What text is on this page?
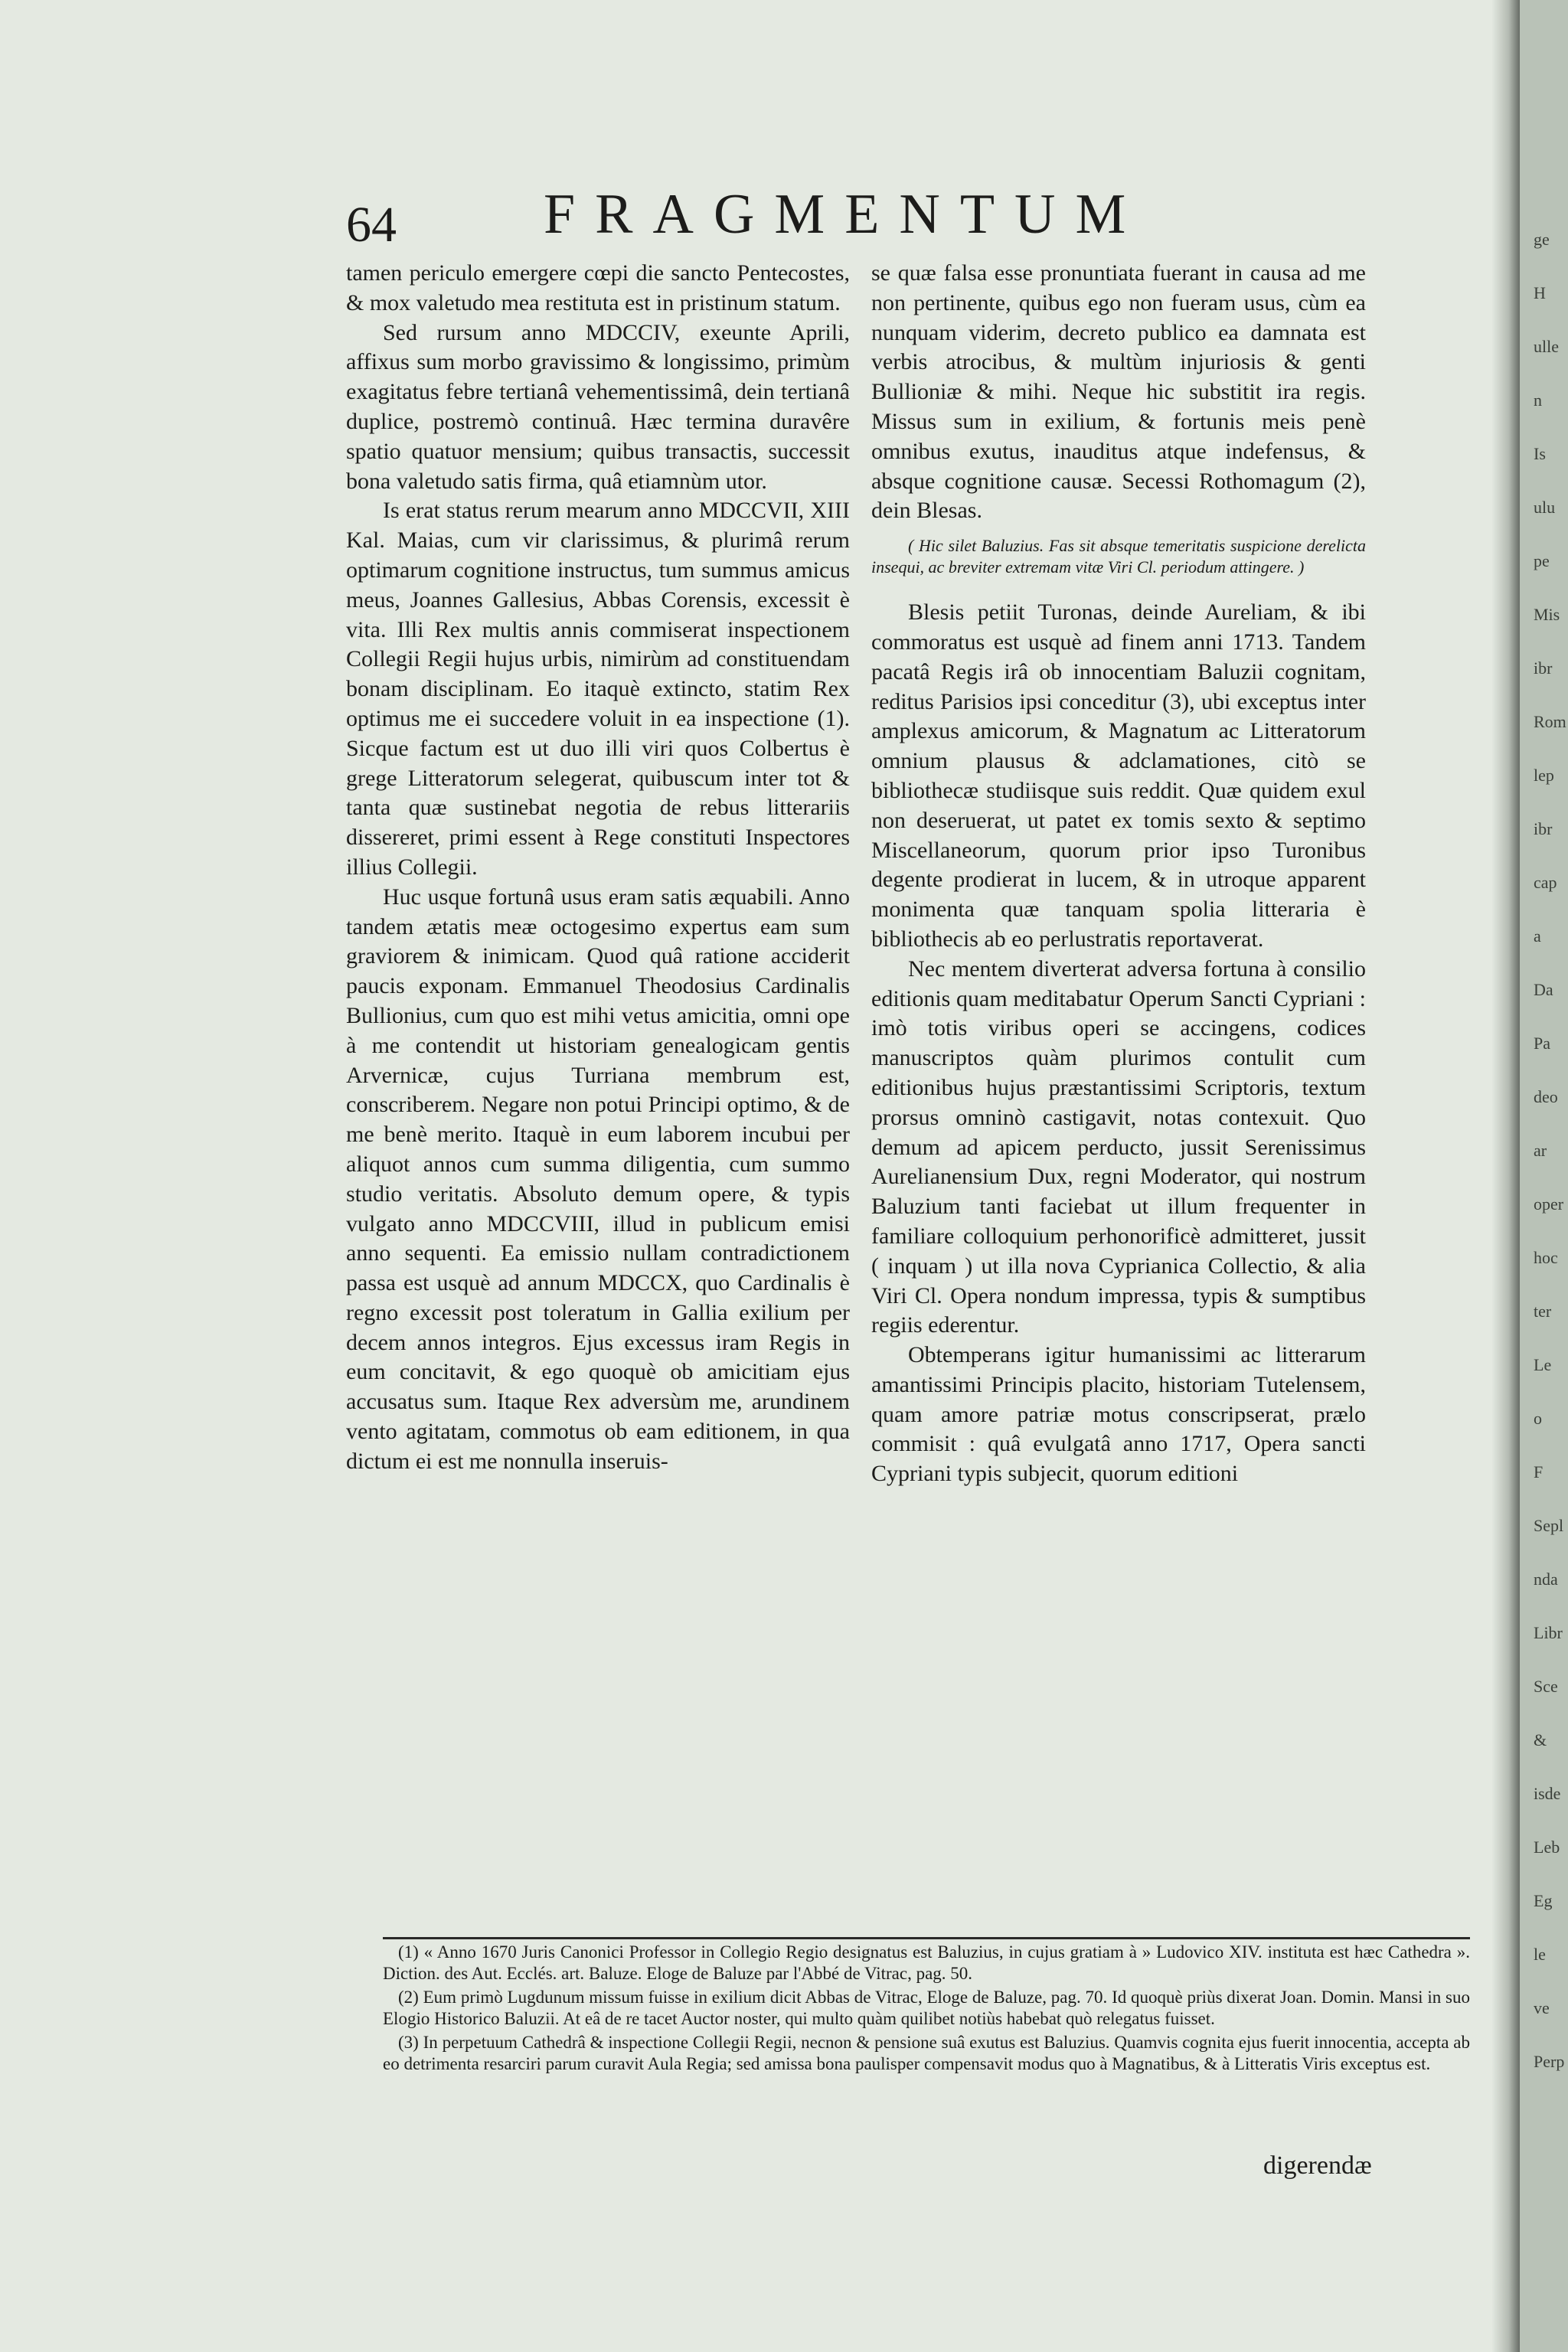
64	FRAGMENTUM

tamen periculo emergere cœpi die sancto Pentecostes, & mox valetudo mea restituta est in pristinum statum.

Sed rursum anno MDCCIV, exeunte Aprili, affixus sum morbo gravissimo & longissimo, primùm exagitatus febre tertianâ vehementissimâ, dein tertianâ duplice, postremò continuâ. Hæc termina duravêre spatio quatuor mensium; quibus transactis, successit bona valetudo satis firma, quâ etiamnùm utor.

Is erat status rerum mearum anno MDCCVII, XIII Kal. Maias, cum vir clarissimus, & plurimâ rerum optimarum cognitione instructus, tum summus amicus meus, Joannes Gallesius, Abbas Corensis, excessit è vita. Illi Rex multis annis commiserat inspectionem Collegii Regii hujus urbis, nimirùm ad constituendam bonam disciplinam. Eo itaquè extincto, statim Rex optimus me ei succedere voluit in ea inspectione (1). Sicque factum est ut duo illi viri quos Colbertus è grege Litteratorum selegerat, quibuscum inter tot & tanta quæ sustinebat negotia de rebus litterariis dissereret, primi essent à Rege constituti Inspectores illius Collegii.

Huc usque fortunâ usus eram satis æquabili. Anno tandem ætatis meæ octogesimo expertus eam sum graviorem & inimicam. Quod quâ ratione acciderit paucis exponam. Emmanuel Theodosius Cardinalis Bullionius, cum quo est mihi vetus amicitia, omni ope à me contendit ut historiam genealogicam gentis Arvernicæ, cujus Turriana membrum est, conscriberem. Negare non potui Principi optimo, & de me benè merito. Itaquè in eum laborem incubui per aliquot annos cum summa diligentia, cum summo studio veritatis. Absoluto demum opere, & typis vulgato anno MDCCVIII, illud in publicum emisi anno sequenti. Ea emissio nullam contradictionem passa est usquè ad annum MDCCX, quo Cardinalis è regno excessit post toleratum in Gallia exilium per decem annos integros. Ejus excessus iram Regis in eum concitavit, & ego quoquè ob amicitiam ejus accusatus sum. Itaque Rex adversùm me, arundinem vento agitatam, commotus ob eam editionem, in qua dictum ei est me nonnulla inseruis-

se quæ falsa esse pronuntiata fuerant in causa ad me non pertinente, quibus ego non fueram usus, cùm ea nunquam viderim, decreto publico ea damnata est verbis atrocibus, & multùm injuriosis & genti Bullioniæ & mihi. Neque hic substitit ira regis. Missus sum in exilium, & fortunis meis penè omnibus exutus, inauditus atque indefensus, & absque cognitione causæ. Secessi Rothomagum (2), dein Blesas.

( Hic silet Baluzius. Fas sit absque temeritatis suspicione derelicta insequi, ac breviter extremam vitæ Viri Cl. periodum attingere. )

Blesis petiit Turonas, deinde Aureliam, & ibi commoratus est usquè ad finem anni 1713. Tandem pacatâ Regis irâ ob innocentiam Baluzii cognitam, reditus Parisios ipsi conceditur (3), ubi exceptus inter amplexus amicorum, & Magnatum ac Litteratorum omnium plausus & adclamationes, citò se bibliothecæ studiisque suis reddit. Quæ quidem exul non deseruerat, ut patet ex tomis sexto & septimo Miscellaneorum, quorum prior ipso Turonibus degente prodierat in lucem, & in utroque apparent monimenta quæ tanquam spolia litteraria è bibliothecis ab eo perlustratis reportaverat.

Nec mentem diverterat adversa fortuna à consilio editionis quam meditabatur Operum Sancti Cypriani : imò totis viribus operi se accingens, codices manuscriptos quàm plurimos contulit cum editionibus hujus præstantissimi Scriptoris, textum prorsus omninò castigavit, notas contexuit. Quo demum ad apicem perducto, jussit Serenissimus Aurelianensium Dux, regni Moderator, qui nostrum Baluzium tanti faciebat ut illum frequenter in familiare colloquium perhonorificè admitteret, jussit ( inquam ) ut illa nova Cyprianica Collectio, & alia Viri Cl. Opera nondum impressa, typis & sumptibus regiis ederentur.

Obtemperans igitur humanissimi ac litterarum amantissimi Principis placito, historiam Tutelensem, quam amore patriæ motus conscripserat, prælo commisit : quâ evulgatâ anno 1717, Opera sancti Cypriani typis subjecit, quorum editioni

(1) « Anno 1670 Juris Canonici Professor in Collegio Regio designatus est Baluzius, in cujus gratiam à » Ludovico XIV. instituta est hæc Cathedra ». Diction. des Aut. Ecclés. art. Baluze. Eloge de Baluze par l'Abbé de Vitrac, pag. 50.

(2) Eum primò Lugdunum missum fuisse in exilium dicit Abbas de Vitrac, Eloge de Baluze, pag. 70. Id quoquè priùs dixerat Joan. Domin. Mansi in suo Elogio Historico Baluzii. At eâ de re tacet Auctor noster, qui multo quàm quilibet notiùs habebat quò relegatus fuisset.

(3) In perpetuum Cathedrâ & inspectione Collegii Regii, necnon & pensione suâ exutus est Baluzius. Quamvis cognita ejus fuerit innocentia, accepta ab eo detrimenta resarciri parum curavit Aula Regia; sed amissa bona paulisper compensavit modus quo à Magnatibus, & à Litteratis Viris exceptus est.

digerendæ
ge
H
ulle
n
Is
ulu
pe
Mis
ibr
Rom
lep
ibr
cap
a
Da
Pa
deo
ar
oper
hoc
ter
Le
o
F
Sepl
nda
Libr
Sce
&
isde
Leb
Eg
le
ve
Perp
